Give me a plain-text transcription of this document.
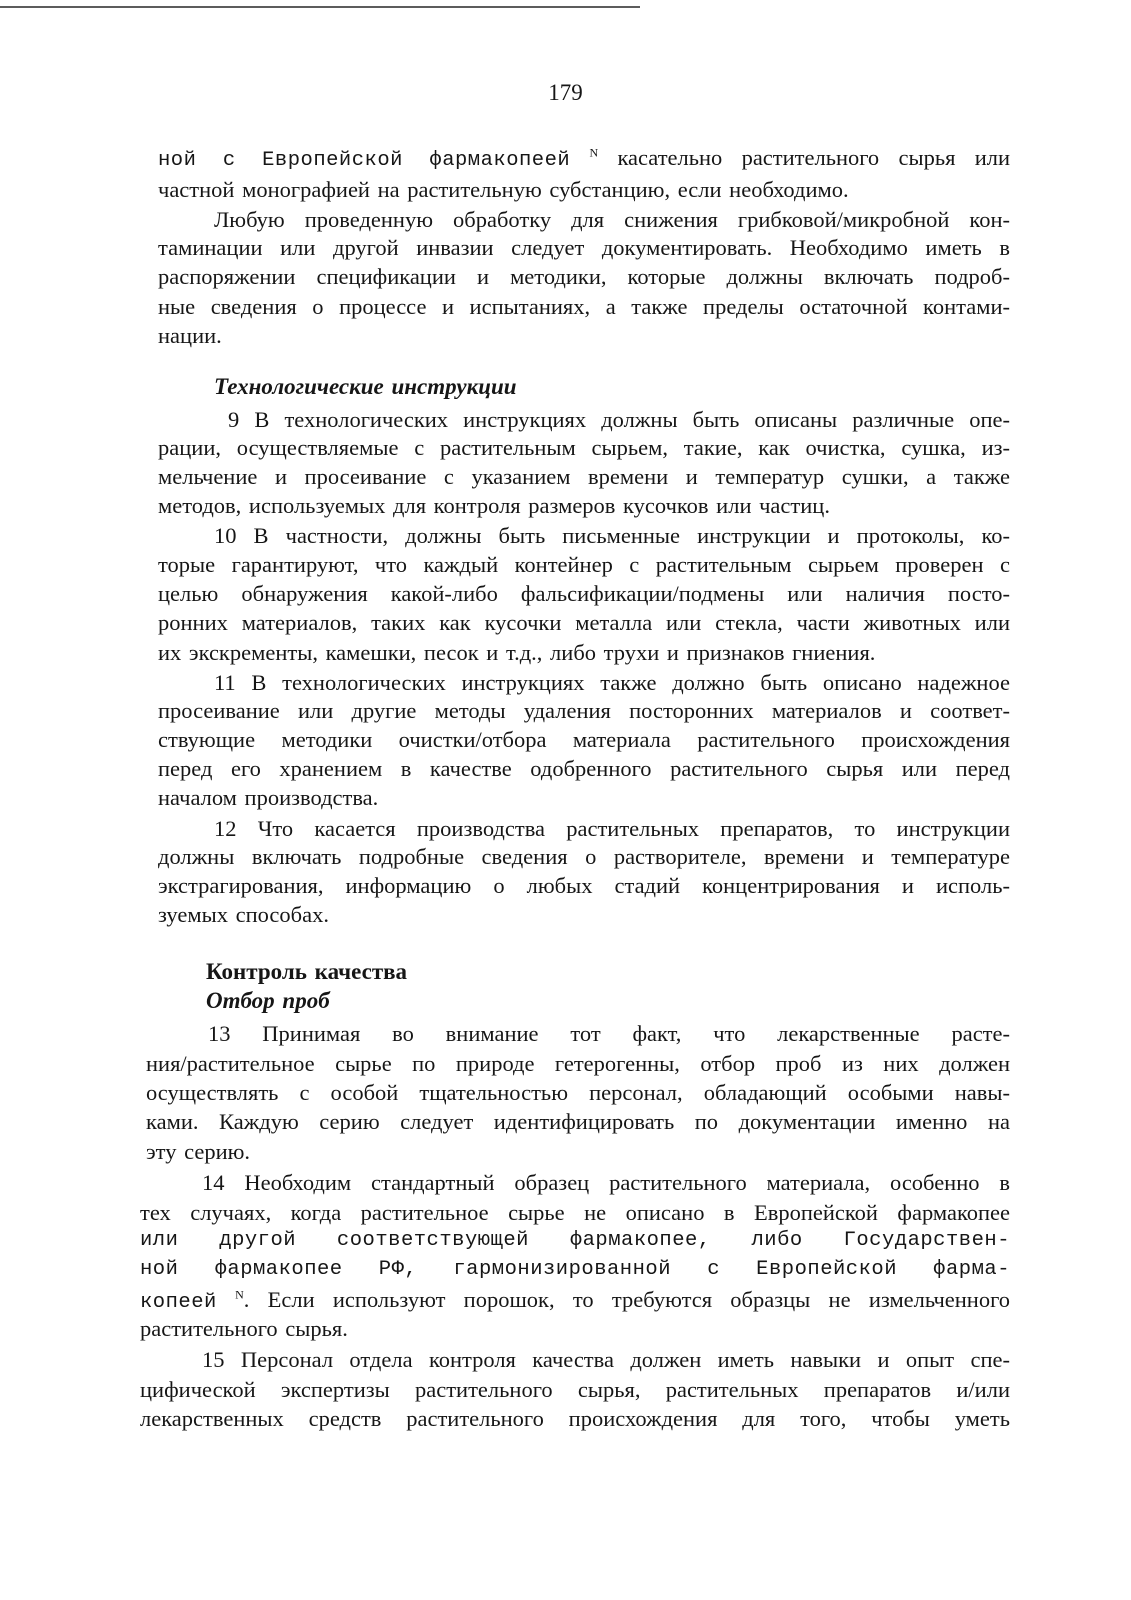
179
ной с Европейской фармакопеей $^N$ касательно растительного сырья или
частной монографией на растительную субстанцию, если необходимо.
Любую проведенную обработку для снижения грибковой/микробной кон-
таминации или другой инвазии следует документировать. Необходимо иметь в
распоряжении спецификации и методики, которые должны включать подроб-
ные сведения о процессе и испытаниях, а также пределы остаточной контами-
нации.
Технологические инструкции
9 В технологических инструкциях должны быть описаны различные опе-
рации, осуществляемые с растительным сырьем, такие, как очистка, сушка, из-
мельчение и просеивание с указанием времени и температур сушки, а также
методов, используемых для контроля размеров кусочков или частиц.
10 В частности, должны быть письменные инструкции и протоколы, ко-
торые гарантируют, что каждый контейнер с растительным сырьем проверен с
целью обнаружения какой-либо фальсификации/подмены или наличия посто-
ронних материалов, таких как кусочки металла или стекла, части животных или
их экскременты, камешки, песок и т.д., либо трухи и признаков гниения.
11 В технологических инструкциях также должно быть описано надежное
просеивание или другие методы удаления посторонних материалов и соответ-
ствующие методики очистки/отбора материала растительного происхождения
перед его хранением в качестве одобренного растительного сырья или перед
началом производства.
12 Что касается производства растительных препаратов, то инструкции
должны включать подробные сведения о растворителе, времени и температуре
экстрагирования, информацию о любых стадий концентрирования и исполь-
зуемых способах.
Контроль качества
Отбор проб
13 Принимая во внимание тот факт, что лекарственные расте-
ния/растительное сырье по природе гетерогенны, отбор проб из них должен
осуществлять с особой тщательностью персонал, обладающий особыми навы-
ками. Каждую серию следует идентифицировать по документации именно на
эту серию.
14 Необходим стандартный образец растительного материала, особенно в
тех случаях, когда растительное сырье не описано в Европейской фармакопее
или другой соответствующей фармакопее, либо Государствен-
ной фармакопее РФ, гармонизированной с Европейской фарма-
копеей $^N$. Если используют порошок, то требуются образцы не измельченного
растительного сырья.
15 Персонал отдела контроля качества должен иметь навыки и опыт спе-
цифической экспертизы растительного сырья, растительных препаратов и/или
лекарственных средств растительного происхождения для того, чтобы уметь
